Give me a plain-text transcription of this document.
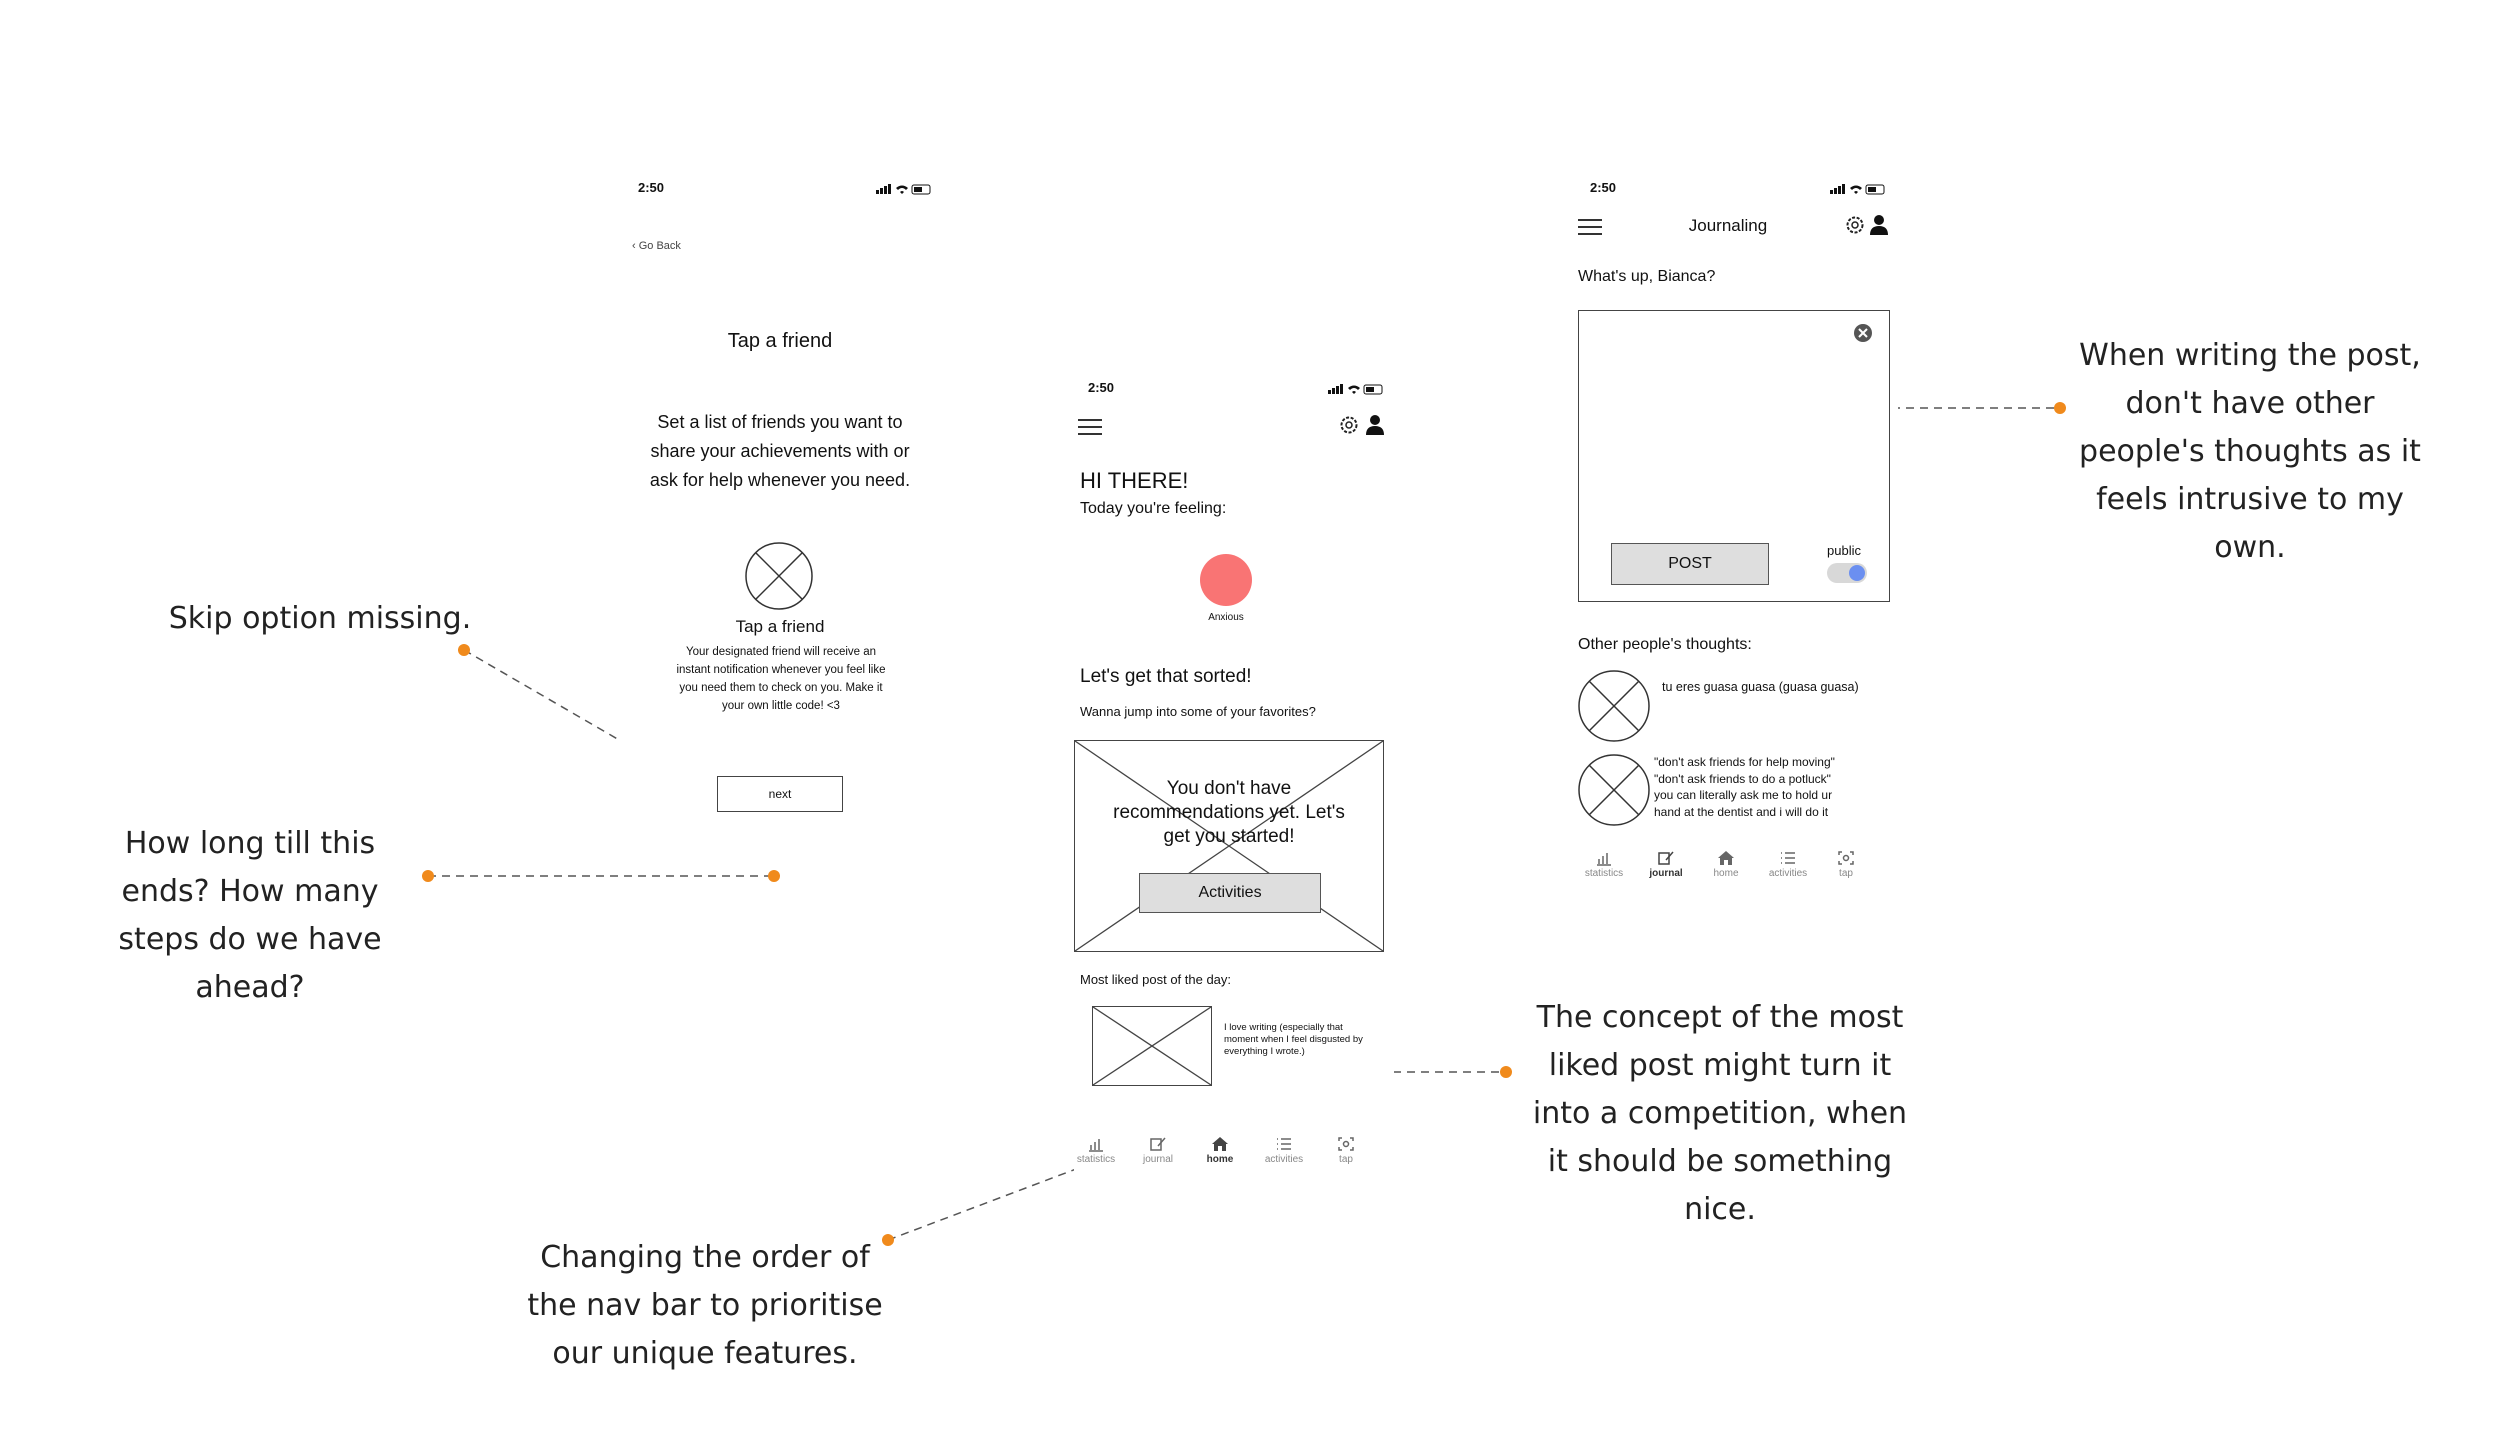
Skip option missing.
How long till this ends? How many steps do we have ahead?
Changing the order of the nav bar to prioritise our unique features.
The concept of the most liked post might turn it into a competition, when it should be something nice.
When writing the post, don't have other people's thoughts as it feels intrusive to my own.
2:50
‹ Go Back
Tap a friend
Set a list of friends you want to share your achievements with or ask for help whenever you need.
Tap a friend
Your designated friend will receive an instant notification whenever you feel like you need them to check on you. Make it your own little code! <3
next
2:50
HI THERE!
Today you're feeling:
Anxious
Let's get that sorted!
Wanna jump into some of your favorites?
You don't have recommendations yet. Let's get you started!
Activities
Most liked post of the day:
I love writing (especially that moment when I feel disgusted by everything I wrote.)
statistics	journal	home	activities	tap
2:50
Journaling
What's up, Bianca?
POST
public
Other people's thoughts:
tu eres guasa guasa (guasa guasa)
"don't ask friends for help moving" "don't ask friends to do a potluck" you can literally ask me to hold ur hand at the dentist and i will do it
statistics	journal	home	activities	tap
